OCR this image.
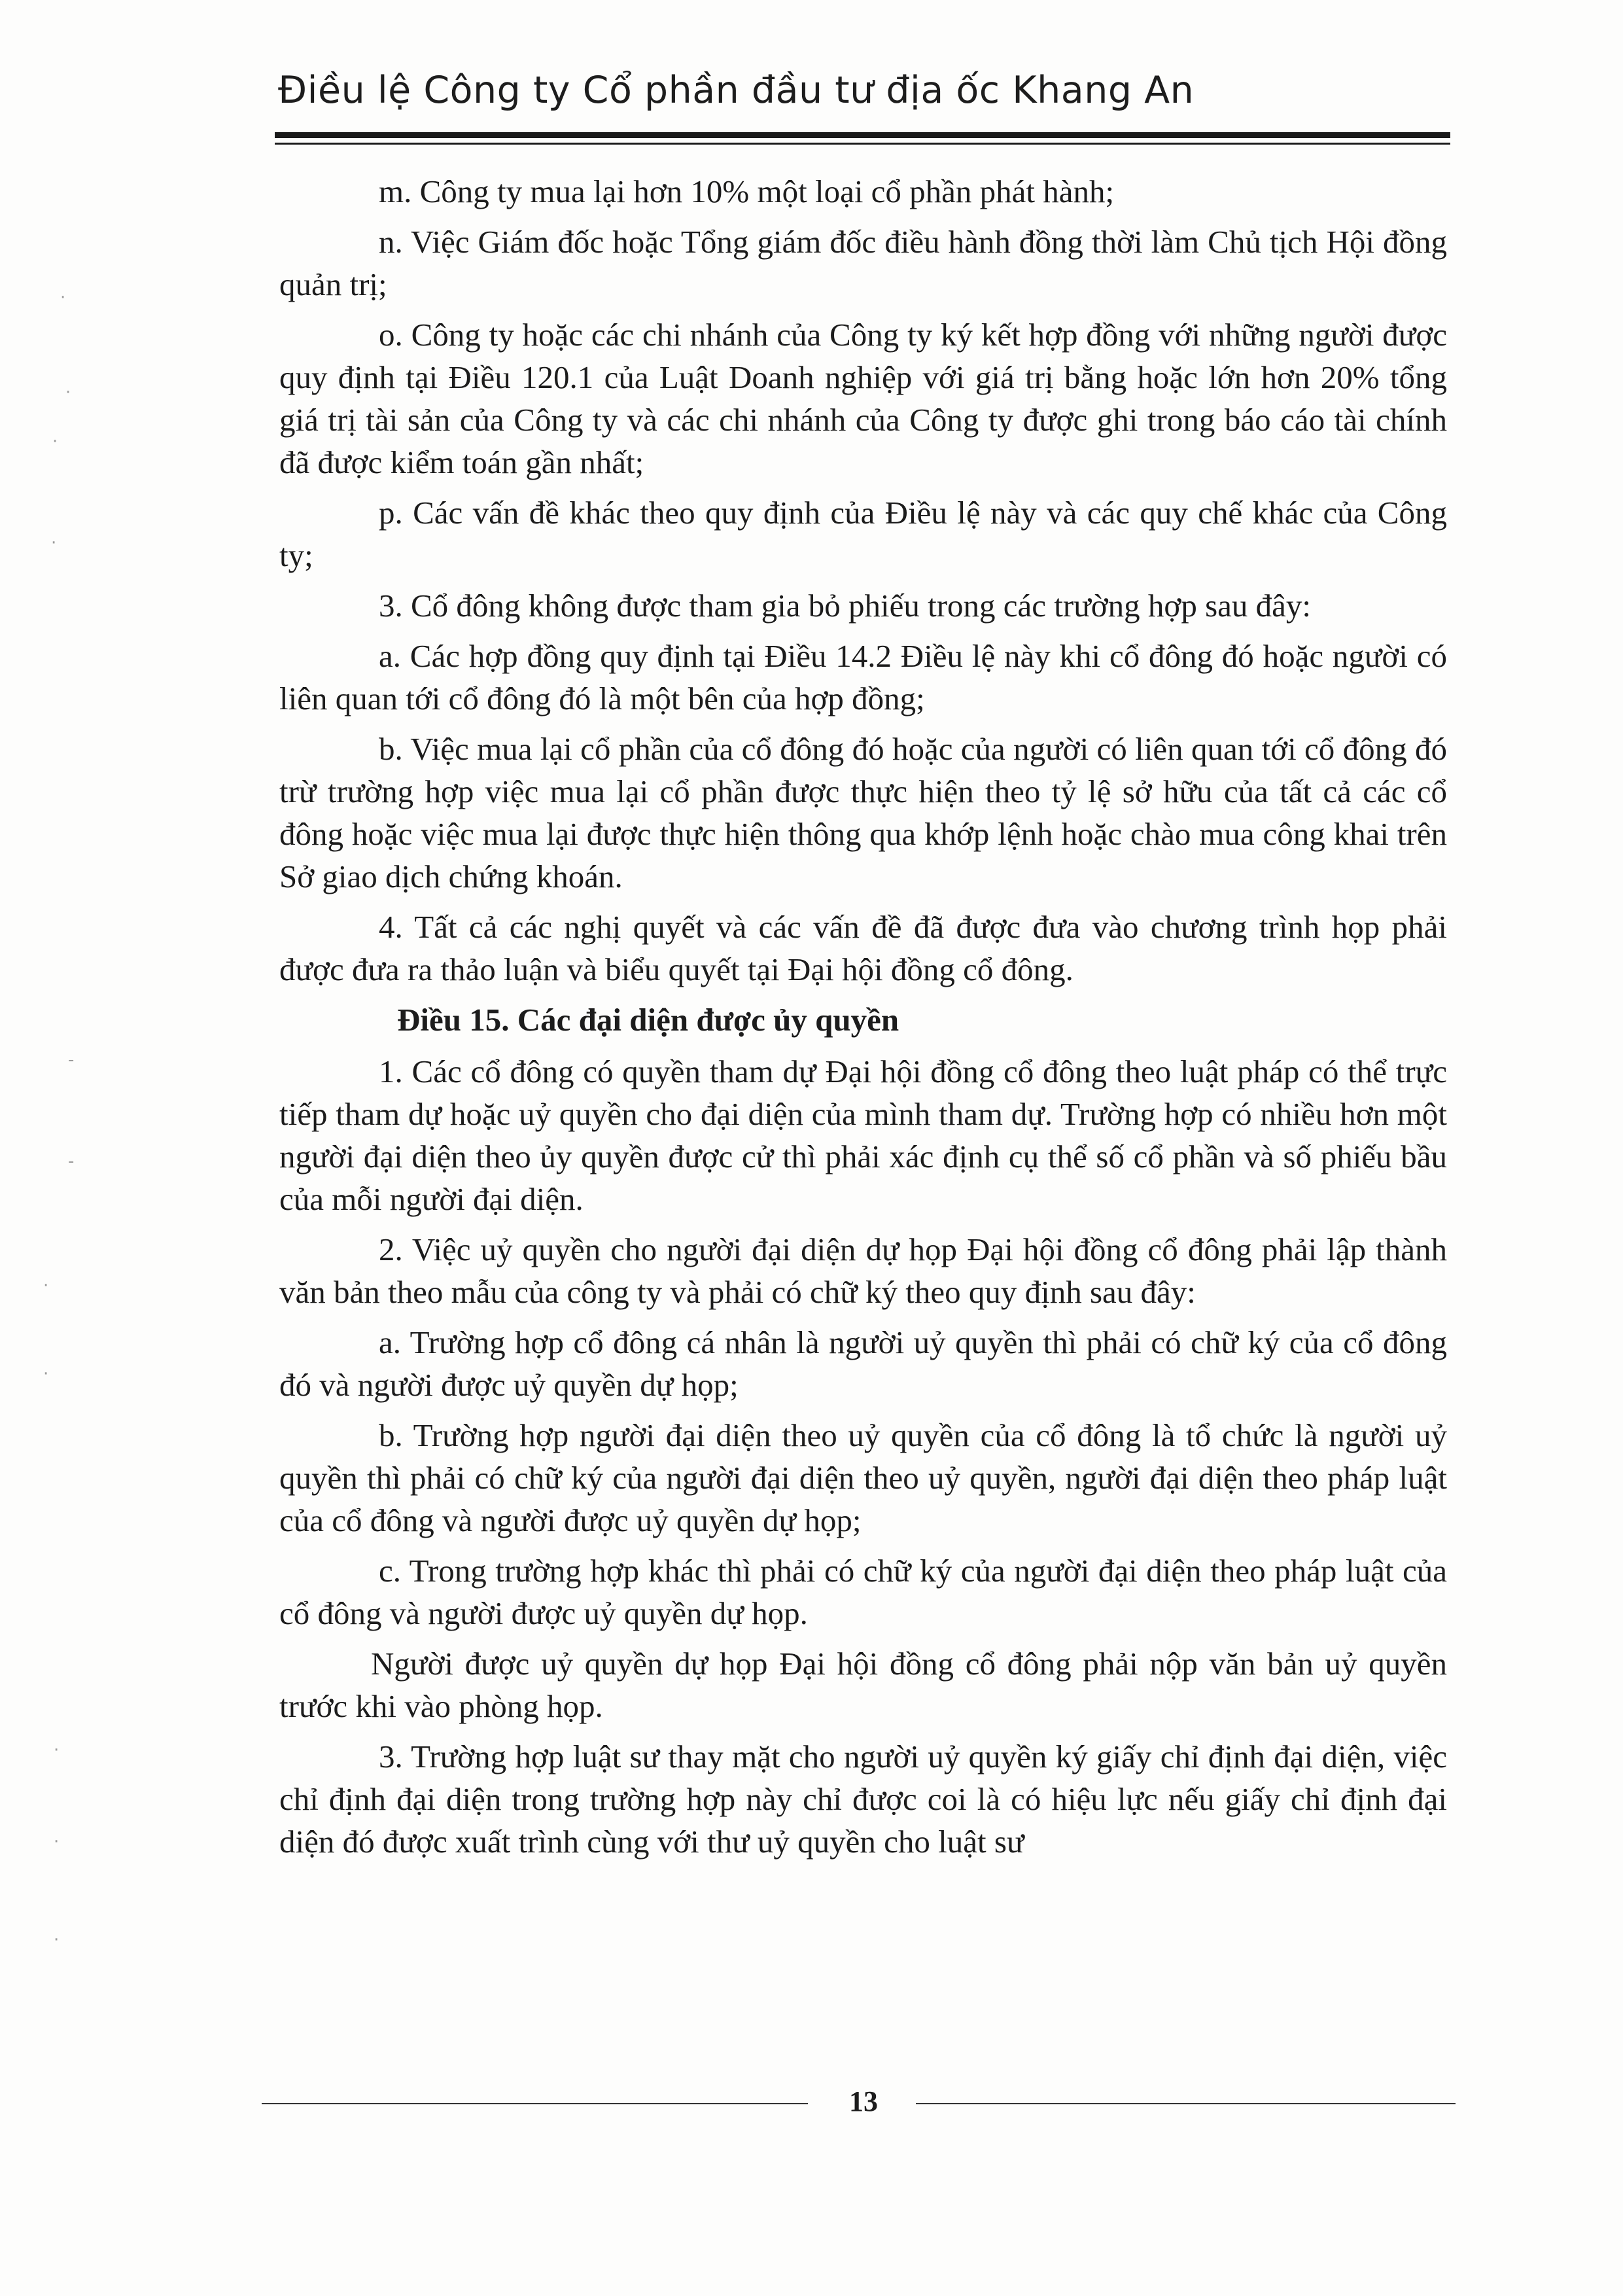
Điều lệ Công ty Cổ phần đầu tư địa ốc Khang An

m. Công ty mua lại hơn 10% một loại cổ phần phát hành;

n. Việc Giám đốc hoặc Tổng giám đốc điều hành đồng thời làm Chủ tịch Hội đồng quản trị;

o. Công ty hoặc các chi nhánh của Công ty ký kết hợp đồng với những người được quy định tại Điều 120.1 của Luật Doanh nghiệp với giá trị bằng hoặc lớn hơn 20% tổng giá trị tài sản của Công ty và các chi nhánh của Công ty được ghi trong báo cáo tài chính đã được kiểm toán gần nhất;

p. Các vấn đề khác theo quy định của Điều lệ này và các quy chế khác của Công ty;

3. Cổ đông không được tham gia bỏ phiếu trong các trường hợp sau đây:

a. Các hợp đồng quy định tại Điều 14.2 Điều lệ này khi cổ đông đó hoặc người có liên quan tới cổ đông đó là một bên của hợp đồng;

b. Việc mua lại cổ phần của cổ đông đó hoặc của người có liên quan tới cổ đông đó trừ trường hợp việc mua lại cổ phần được thực hiện theo tỷ lệ sở hữu của tất cả các cổ đông hoặc việc mua lại được thực hiện thông qua khớp lệnh hoặc chào mua công khai trên Sở giao dịch chứng khoán.

4. Tất cả các nghị quyết và các vấn đề đã được đưa vào chương trình họp phải được đưa ra thảo luận và biểu quyết tại Đại hội đồng cổ đông.

Điều 15. Các đại diện được ủy quyền

1. Các cổ đông có quyền tham dự Đại hội đồng cổ đông theo luật pháp có thể trực tiếp tham dự hoặc uỷ quyền cho đại diện của mình tham dự. Trường hợp có nhiều hơn một người đại diện theo ủy quyền được cử thì phải xác định cụ thể số cổ phần và số phiếu bầu của mỗi người đại diện.

2. Việc uỷ quyền cho người đại diện dự họp Đại hội đồng cổ đông phải lập thành văn bản theo mẫu của công ty và phải có chữ ký theo quy định sau đây:

a. Trường hợp cổ đông cá nhân là người uỷ quyền thì phải có chữ ký của cổ đông đó và người được uỷ quyền dự họp;

b. Trường hợp người đại diện theo uỷ quyền của cổ đông là tổ chức là người uỷ quyền thì phải có chữ ký của người đại diện theo uỷ quyền, người đại diện theo pháp luật của cổ đông và người được uỷ quyền dự họp;

c. Trong trường hợp khác thì phải có chữ ký của người đại diện theo pháp luật của cổ đông và người được uỷ quyền dự họp.

Người được uỷ quyền dự họp Đại hội đồng cổ đông phải nộp văn bản uỷ quyền trước khi vào phòng họp.

3. Trường hợp luật sư thay mặt cho người uỷ quyền ký giấy chỉ định đại diện, việc chỉ định đại diện trong trường hợp này chỉ được coi là có hiệu lực nếu giấy chỉ định đại diện đó được xuất trình cùng với thư uỷ quyền cho luật sư

13
·
·
·
·
-
-
·
·
·
·
·
